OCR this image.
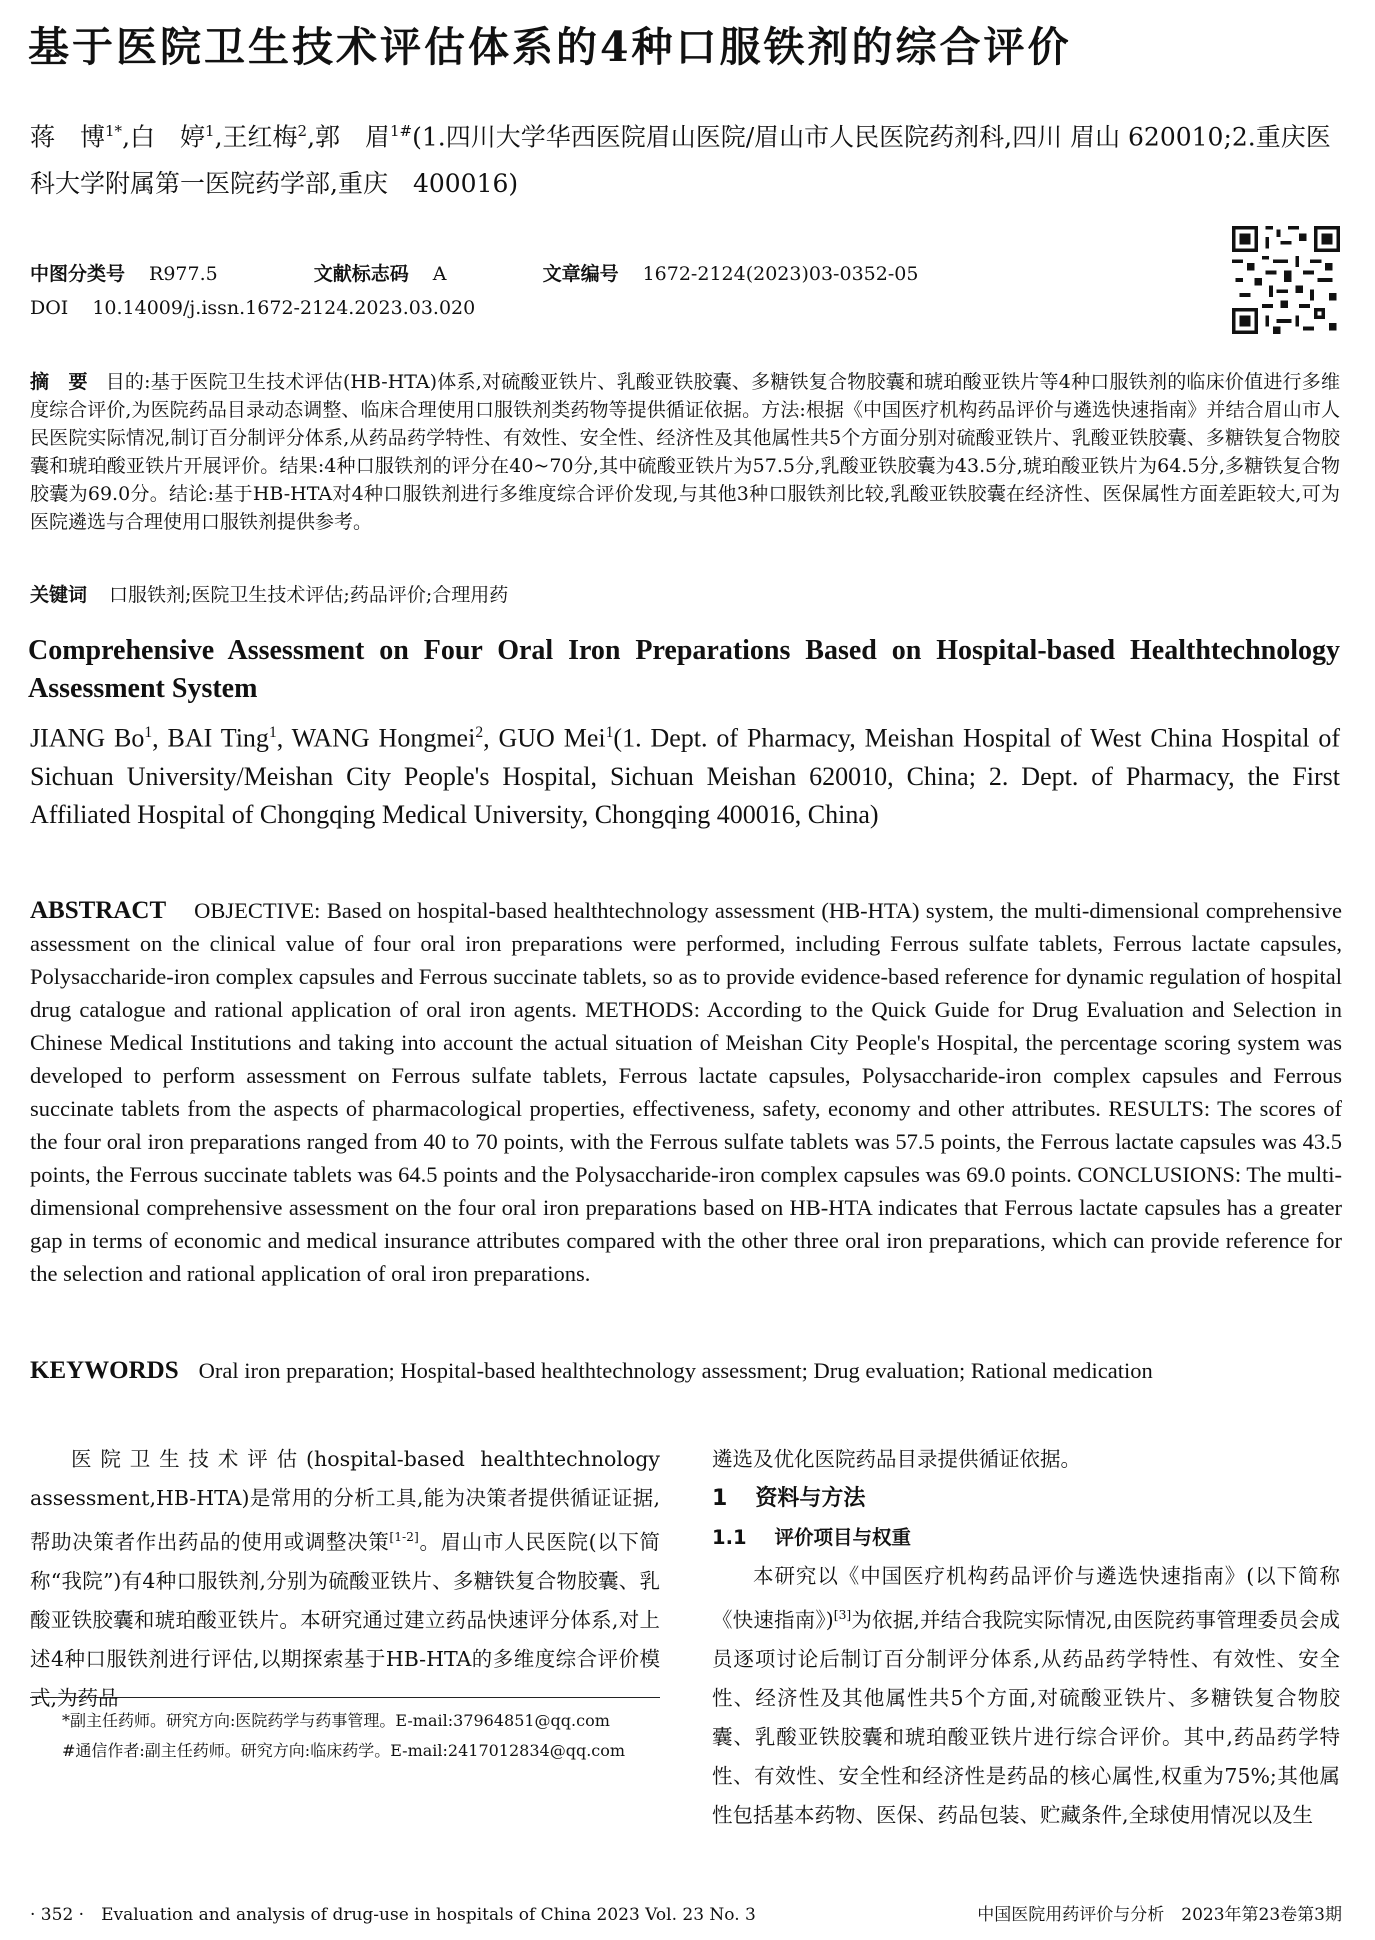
基于医院卫生技术评估体系的4种口服铁剂的综合评价
蒋　博$^{1*}$,白　婷$^1$,王红梅$^2$,郭　眉$^{1\#}$(1.四川大学华西医院眉山医院/眉山市人民医院药剂科,四川 眉山 620010;2.重庆医科大学附属第一医院药学部,重庆　400016)
中图分类号 R977.5	文献标志码 A	文章编号 1672-2124(2023)03-0352-05
DOI 10.14009/j.issn.1672-2124.2023.03.020
摘　要 目的:基于医院卫生技术评估(HB-HTA)体系,对硫酸亚铁片、乳酸亚铁胶囊、多糖铁复合物胶囊和琥珀酸亚铁片等4种口服铁剂的临床价值进行多维度综合评价,为医院药品目录动态调整、临床合理使用口服铁剂类药物等提供循证依据。方法:根据《中国医疗机构药品评价与遴选快速指南》并结合眉山市人民医院实际情况,制订百分制评分体系,从药品药学特性、有效性、安全性、经济性及其他属性共5个方面分别对硫酸亚铁片、乳酸亚铁胶囊、多糖铁复合物胶囊和琥珀酸亚铁片开展评价。结果:4种口服铁剂的评分在40~70分,其中硫酸亚铁片为57.5分,乳酸亚铁胶囊为43.5分,琥珀酸亚铁片为64.5分,多糖铁复合物胶囊为69.0分。结论:基于HB-HTA对4种口服铁剂进行多维度综合评价发现,与其他3种口服铁剂比较,乳酸亚铁胶囊在经济性、医保属性方面差距较大,可为医院遴选与合理使用口服铁剂提供参考。
关键词 口服铁剂;医院卫生技术评估;药品评价;合理用药
Comprehensive Assessment on Four Oral Iron Preparations Based on Hospital-based Healthtechnology Assessment System
JIANG Bo$^1$, BAI Ting$^1$, WANG Hongmei$^2$, GUO Mei$^1$(1. Dept. of Pharmacy, Meishan Hospital of West China Hospital of Sichuan University/Meishan City People's Hospital, Sichuan Meishan 620010, China; 2. Dept. of Pharmacy, the First Affiliated Hospital of Chongqing Medical University, Chongqing 400016, China)
ABSTRACT OBJECTIVE: Based on hospital-based healthtechnology assessment (HB-HTA) system, the multi-dimensional comprehensive assessment on the clinical value of four oral iron preparations were performed, including Ferrous sulfate tablets, Ferrous lactate capsules, Polysaccharide-iron complex capsules and Ferrous succinate tablets, so as to provide evidence-based reference for dynamic regulation of hospital drug catalogue and rational application of oral iron agents. METHODS: According to the Quick Guide for Drug Evaluation and Selection in Chinese Medical Institutions and taking into account the actual situation of Meishan City People's Hospital, the percentage scoring system was developed to perform assessment on Ferrous sulfate tablets, Ferrous lactate capsules, Polysaccharide-iron complex capsules and Ferrous succinate tablets from the aspects of pharmacological properties, effectiveness, safety, economy and other attributes. RESULTS: The scores of the four oral iron preparations ranged from 40 to 70 points, with the Ferrous sulfate tablets was 57.5 points, the Ferrous lactate capsules was 43.5 points, the Ferrous succinate tablets was 64.5 points and the Polysaccharide-iron complex capsules was 69.0 points. CONCLUSIONS: The multi-dimensional comprehensive assessment on the four oral iron preparations based on HB-HTA indicates that Ferrous lactate capsules has a greater gap in terms of economic and medical insurance attributes compared with the other three oral iron preparations, which can provide reference for the selection and rational application of oral iron preparations.
KEYWORDS Oral iron preparation; Hospital-based healthtechnology assessment; Drug evaluation; Rational medication

医院卫生技术评估(hospital-based healthtechnology assessment,HB-HTA)是常用的分析工具,能为决策者提供循证证据,帮助决策者作出药品的使用或调整决策[1-2]。眉山市人民医院(以下简称“我院”)有4种口服铁剂,分别为硫酸亚铁片、多糖铁复合物胶囊、乳酸亚铁胶囊和琥珀酸亚铁片。本研究通过建立药品快速评分体系,对上述4种口服铁剂进行评估,以期探索基于HB-HTA的多维度综合评价模式,为药品

*副主任药师。研究方向:医院药学与药事管理。E-mail:37964851@qq.com

#通信作者:副主任药师。研究方向:临床药学。E-mail:2417012834@qq.com

遴选及优化医院药品目录提供循证依据。

1 资料与方法
1.1 评价项目与权重

本研究以《中国医疗机构药品评价与遴选快速指南》(以下简称《快速指南》)[3]为依据,并结合我院实际情况,由医院药事管理委员会成员逐项讨论后制订百分制评分体系,从药品药学特性、有效性、安全性、经济性及其他属性共5个方面,对硫酸亚铁片、多糖铁复合物胶囊、乳酸亚铁胶囊和琥珀酸亚铁片进行综合评价。其中,药品药学特性、有效性、安全性和经济性是药品的核心属性,权重为75%;其他属性包括基本药物、医保、药品包装、贮藏条件,全球使用情况以及生

· 352 ·　Evaluation and analysis of drug-use in hospitals of China 2023 Vol. 23 No. 3	中国医院用药评价与分析　2023年第23卷第3期
